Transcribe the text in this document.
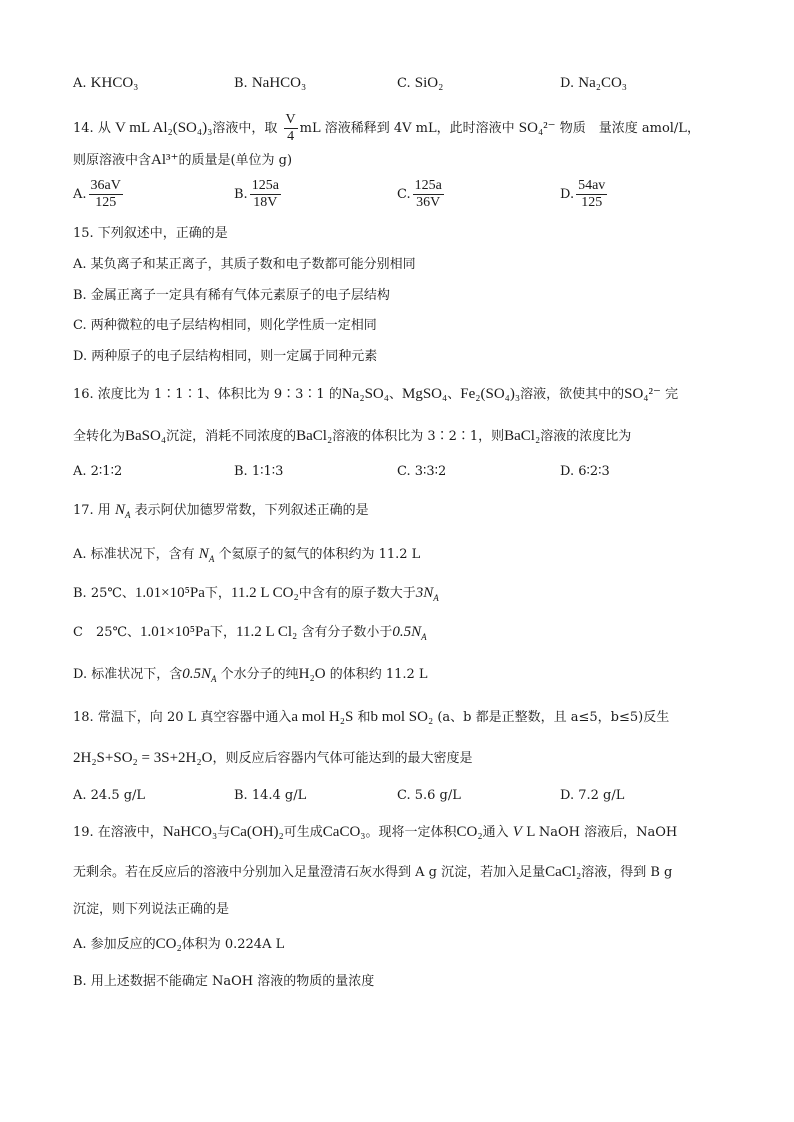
A. KHCO₃	B. NaHCO₃	C. SiO₂	D. Na₂CO₃
14. 从 V mL Al₂(SO₄)₃溶液中，取 $\frac{V}{4}$ mL 溶液稀释到 4V mL，此时溶液中 SO₄²⁻ 物质　量浓度 amol/L，
则原溶液中含Al³⁺的质量是(单位为 g)
A. $\frac{36aV}{125}$	B. $\frac{125a}{18V}$	C. $\frac{125a}{36V}$	D. $\frac{54av}{125}$
15. 下列叙述中，正确的是
A. 某负离子和某正离子，其质子数和电子数都可能分别相同
B. 金属正离子一定具有稀有气体元素原子的电子层结构
C. 两种微粒的电子层结构相同，则化学性质一定相同
D. 两种原子的电子层结构相同，则一定属于同种元素
16. 浓度比为 1∶1∶1、体积比为 9∶3∶1 的Na₂SO₄、MgSO₄、Fe₂(SO₄)₃溶液，欲使其中的SO₄²⁻ 完
全转化为BaSO₄沉淀，消耗不同浓度的BaCl₂溶液的体积比为 3∶2∶1，则BaCl₂溶液的浓度比为
A. 2∶1∶2	B. 1∶1∶3	C. 3∶3∶2	D. 6∶2∶3
17. 用 $N_A$ 表示阿伏加德罗常数，下列叙述正确的是
A. 标准状况下，含有 $N_A$ 个氦原子的氦气的体积约为 11.2 L
B. 25℃、1.01×10⁵Pa下，11.2 L CO₂中含有的原子数大于$3N_A$
C　25℃、1.01×10⁵Pa下，11.2 L Cl₂ 含有分子数小于$0.5N_A$
D. 标准状况下，含$0.5N_A$ 个水分子的纯H₂O 的体积约 11.2 L
18. 常温下，向 20 L 真空容器中通入a mol H₂S 和b mol SO₂ (a、b 都是正整数，且 a≤5，b≤5)反生
2H₂S+SO₂ = 3S+2H₂O，则反应后容器内气体可能达到的最大密度是
A. 24.5 g/L	B. 14.4 g/L	C. 5.6 g/L	D. 7.2 g/L
19. 在溶液中，NaHCO₃与Ca(OH)₂可生成CaCO₃。现将一定体积CO₂通入 V L NaOH 溶液后，NaOH
无剩余。若在反应后的溶液中分别加入足量澄清石灰水得到 A g 沉淀，若加入足量CaCl₂溶液，得到 B g
沉淀，则下列说法正确的是
A. 参加反应的CO₂体积为 0.224A L
B. 用上述数据不能确定 NaOH 溶液的物质的量浓度
